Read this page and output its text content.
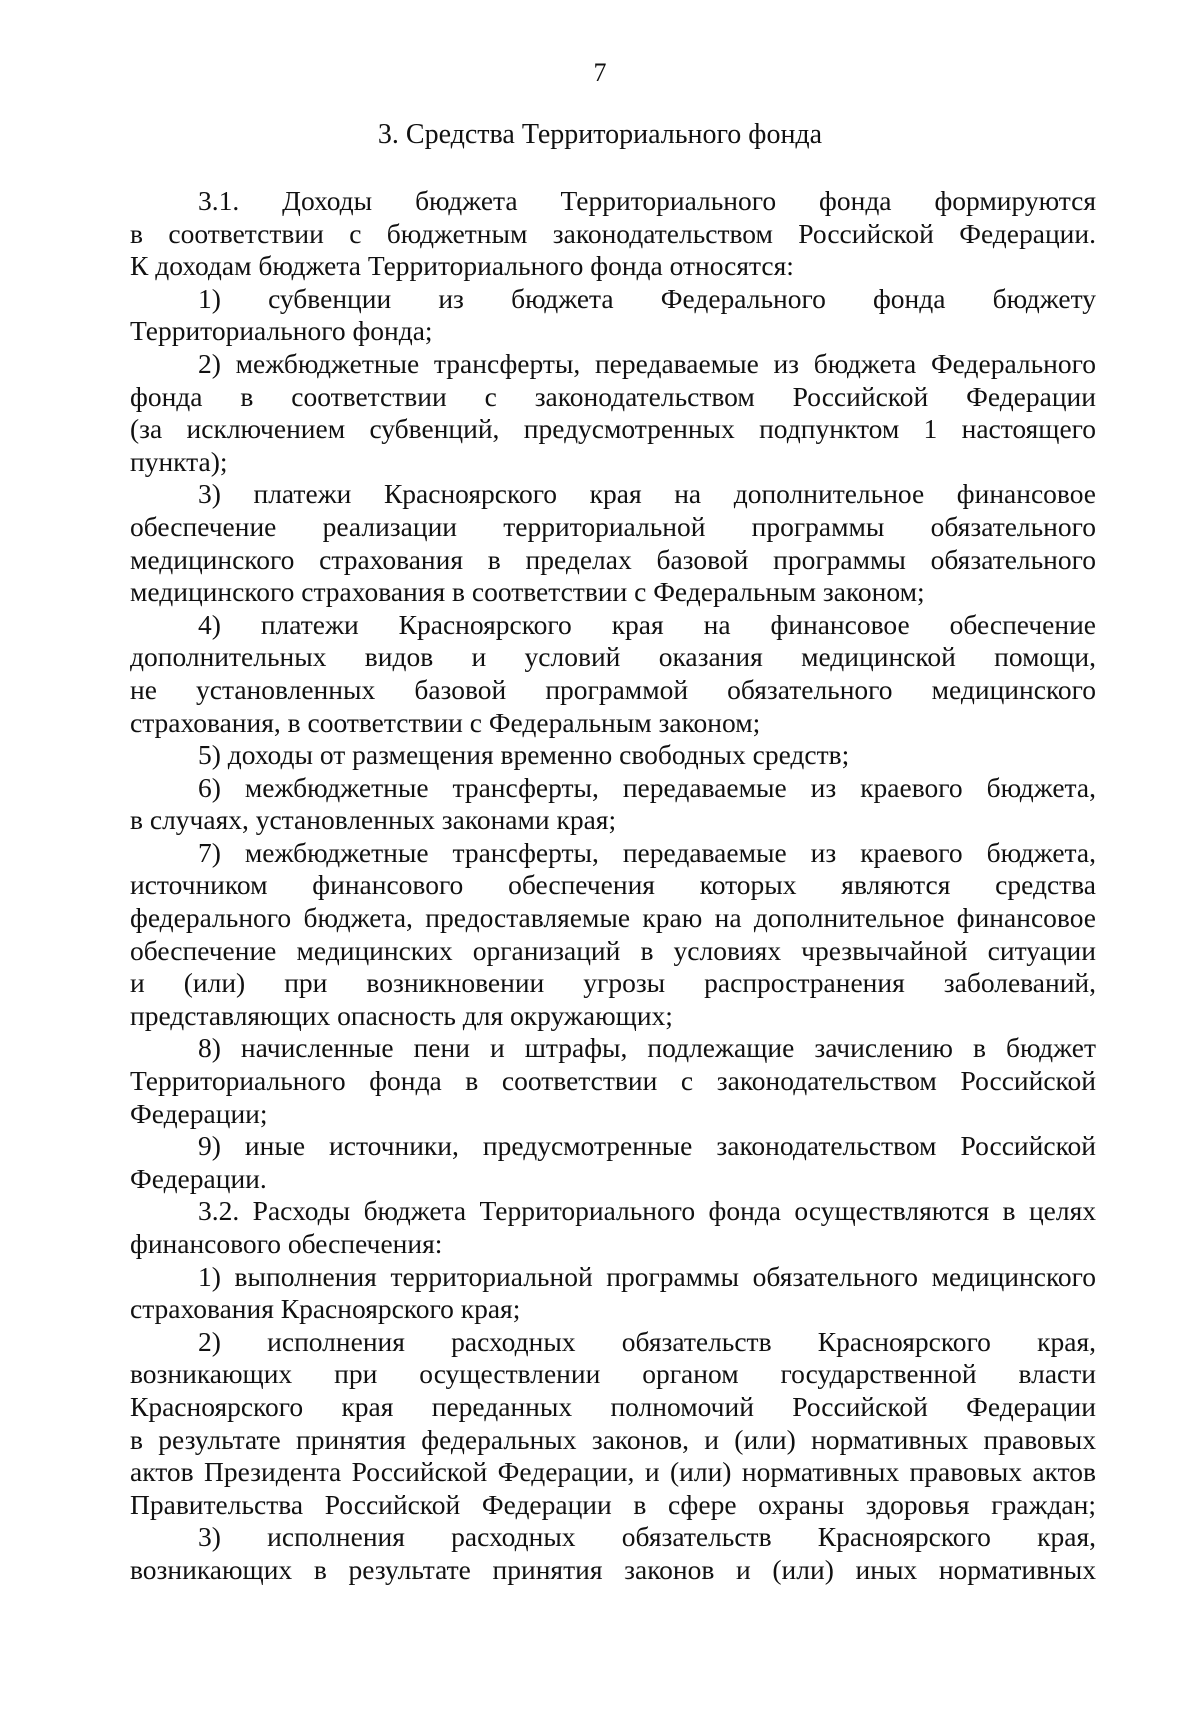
7
3. Средства Территориального фонда
3.1. Доходы бюджета Территориального фонда формируются
в соответствии с бюджетным законодательством Российской Федерации.
К доходам бюджета Территориального фонда относятся:
1) субвенции из бюджета Федерального фонда бюджету
Территориального фонда;
2) межбюджетные трансферты, передаваемые из бюджета Федерального
фонда в соответствии с законодательством Российской Федерации
(за исключением субвенций, предусмотренных подпунктом 1 настоящего
пункта);
3) платежи Красноярского края на дополнительное финансовое
обеспечение реализации территориальной программы обязательного
медицинского страхования в пределах базовой программы обязательного
медицинского страхования в соответствии с Федеральным законом;
4) платежи Красноярского края на финансовое обеспечение
дополнительных видов и условий оказания медицинской помощи,
не установленных базовой программой обязательного медицинского
страхования, в соответствии с Федеральным законом;
5) доходы от размещения временно свободных средств;
6) межбюджетные трансферты, передаваемые из краевого бюджета,
в случаях, установленных законами края;
7) межбюджетные трансферты, передаваемые из краевого бюджета,
источником финансового обеспечения которых являются средства
федерального бюджета, предоставляемые краю на дополнительное финансовое
обеспечение медицинских организаций в условиях чрезвычайной ситуации
и (или) при возникновении угрозы распространения заболеваний,
представляющих опасность для окружающих;
8) начисленные пени и штрафы, подлежащие зачислению в бюджет
Территориального фонда в соответствии с законодательством Российской
Федерации;
9) иные источники, предусмотренные законодательством Российской
Федерации.
3.2. Расходы бюджета Территориального фонда осуществляются в целях
финансового обеспечения:
1) выполнения территориальной программы обязательного медицинского
страхования Красноярского края;
2) исполнения расходных обязательств Красноярского края,
возникающих при осуществлении органом государственной власти
Красноярского края переданных полномочий Российской Федерации
в результате принятия федеральных законов, и (или) нормативных правовых
актов Президента Российской Федерации, и (или) нормативных правовых актов
Правительства Российской Федерации в сфере охраны здоровья граждан;
3) исполнения расходных обязательств Красноярского края,
возникающих в результате принятия законов и (или) иных нормативных
